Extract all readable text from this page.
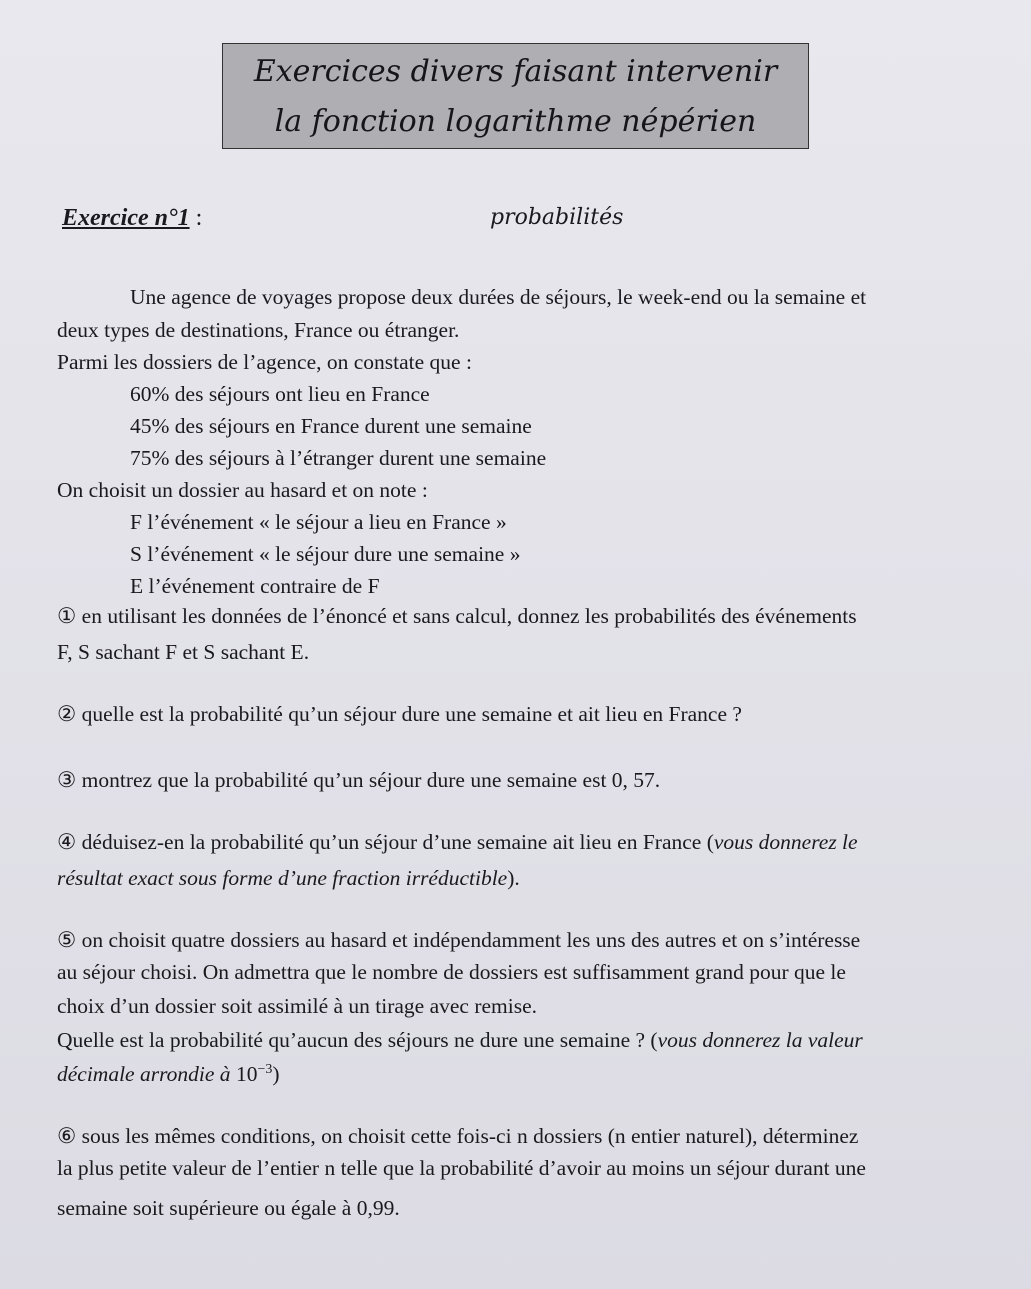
Exercices divers faisant intervenir
la fonction logarithme népérien
Exercice n°1 :	probabilités
Une agence de voyages propose deux durées de séjours, le week-end ou la semaine et
deux types de destinations, France ou étranger.
Parmi les dossiers de l’agence, on constate que :
60% des séjours ont lieu en France
45% des séjours en France durent une semaine
75% des séjours à l’étranger durent une semaine
On choisit un dossier au hasard et on note :
F l’événement « le séjour a lieu en France »
S l’événement « le séjour dure une semaine »
E l’événement contraire de F
① en utilisant les données de l’énoncé et sans calcul, donnez les probabilités des événements
F, S sachant F et S sachant E.
② quelle est la probabilité qu’un séjour dure une semaine et ait lieu en France ?
③ montrez que la probabilité qu’un séjour dure une semaine est 0, 57.
④ déduisez-en la probabilité qu’un séjour d’une semaine ait lieu en France (vous donnerez le
résultat exact sous forme d’une fraction irréductible).
⑤ on choisit quatre dossiers au hasard et indépendamment les uns des autres et on s’intéresse
au séjour choisi. On admettra que le nombre de dossiers est suffisamment grand pour que le
choix d’un dossier soit assimilé à un tirage avec remise.
Quelle est la probabilité qu’aucun des séjours ne dure une semaine ? (vous donnerez la valeur
décimale arrondie à $10^{-3}$)
⑥ sous les mêmes conditions, on choisit cette fois-ci n dossiers (n entier naturel), déterminez
la plus petite valeur de l’entier n telle que la probabilité d’avoir au moins un séjour durant une
semaine soit supérieure ou égale à 0,99.
